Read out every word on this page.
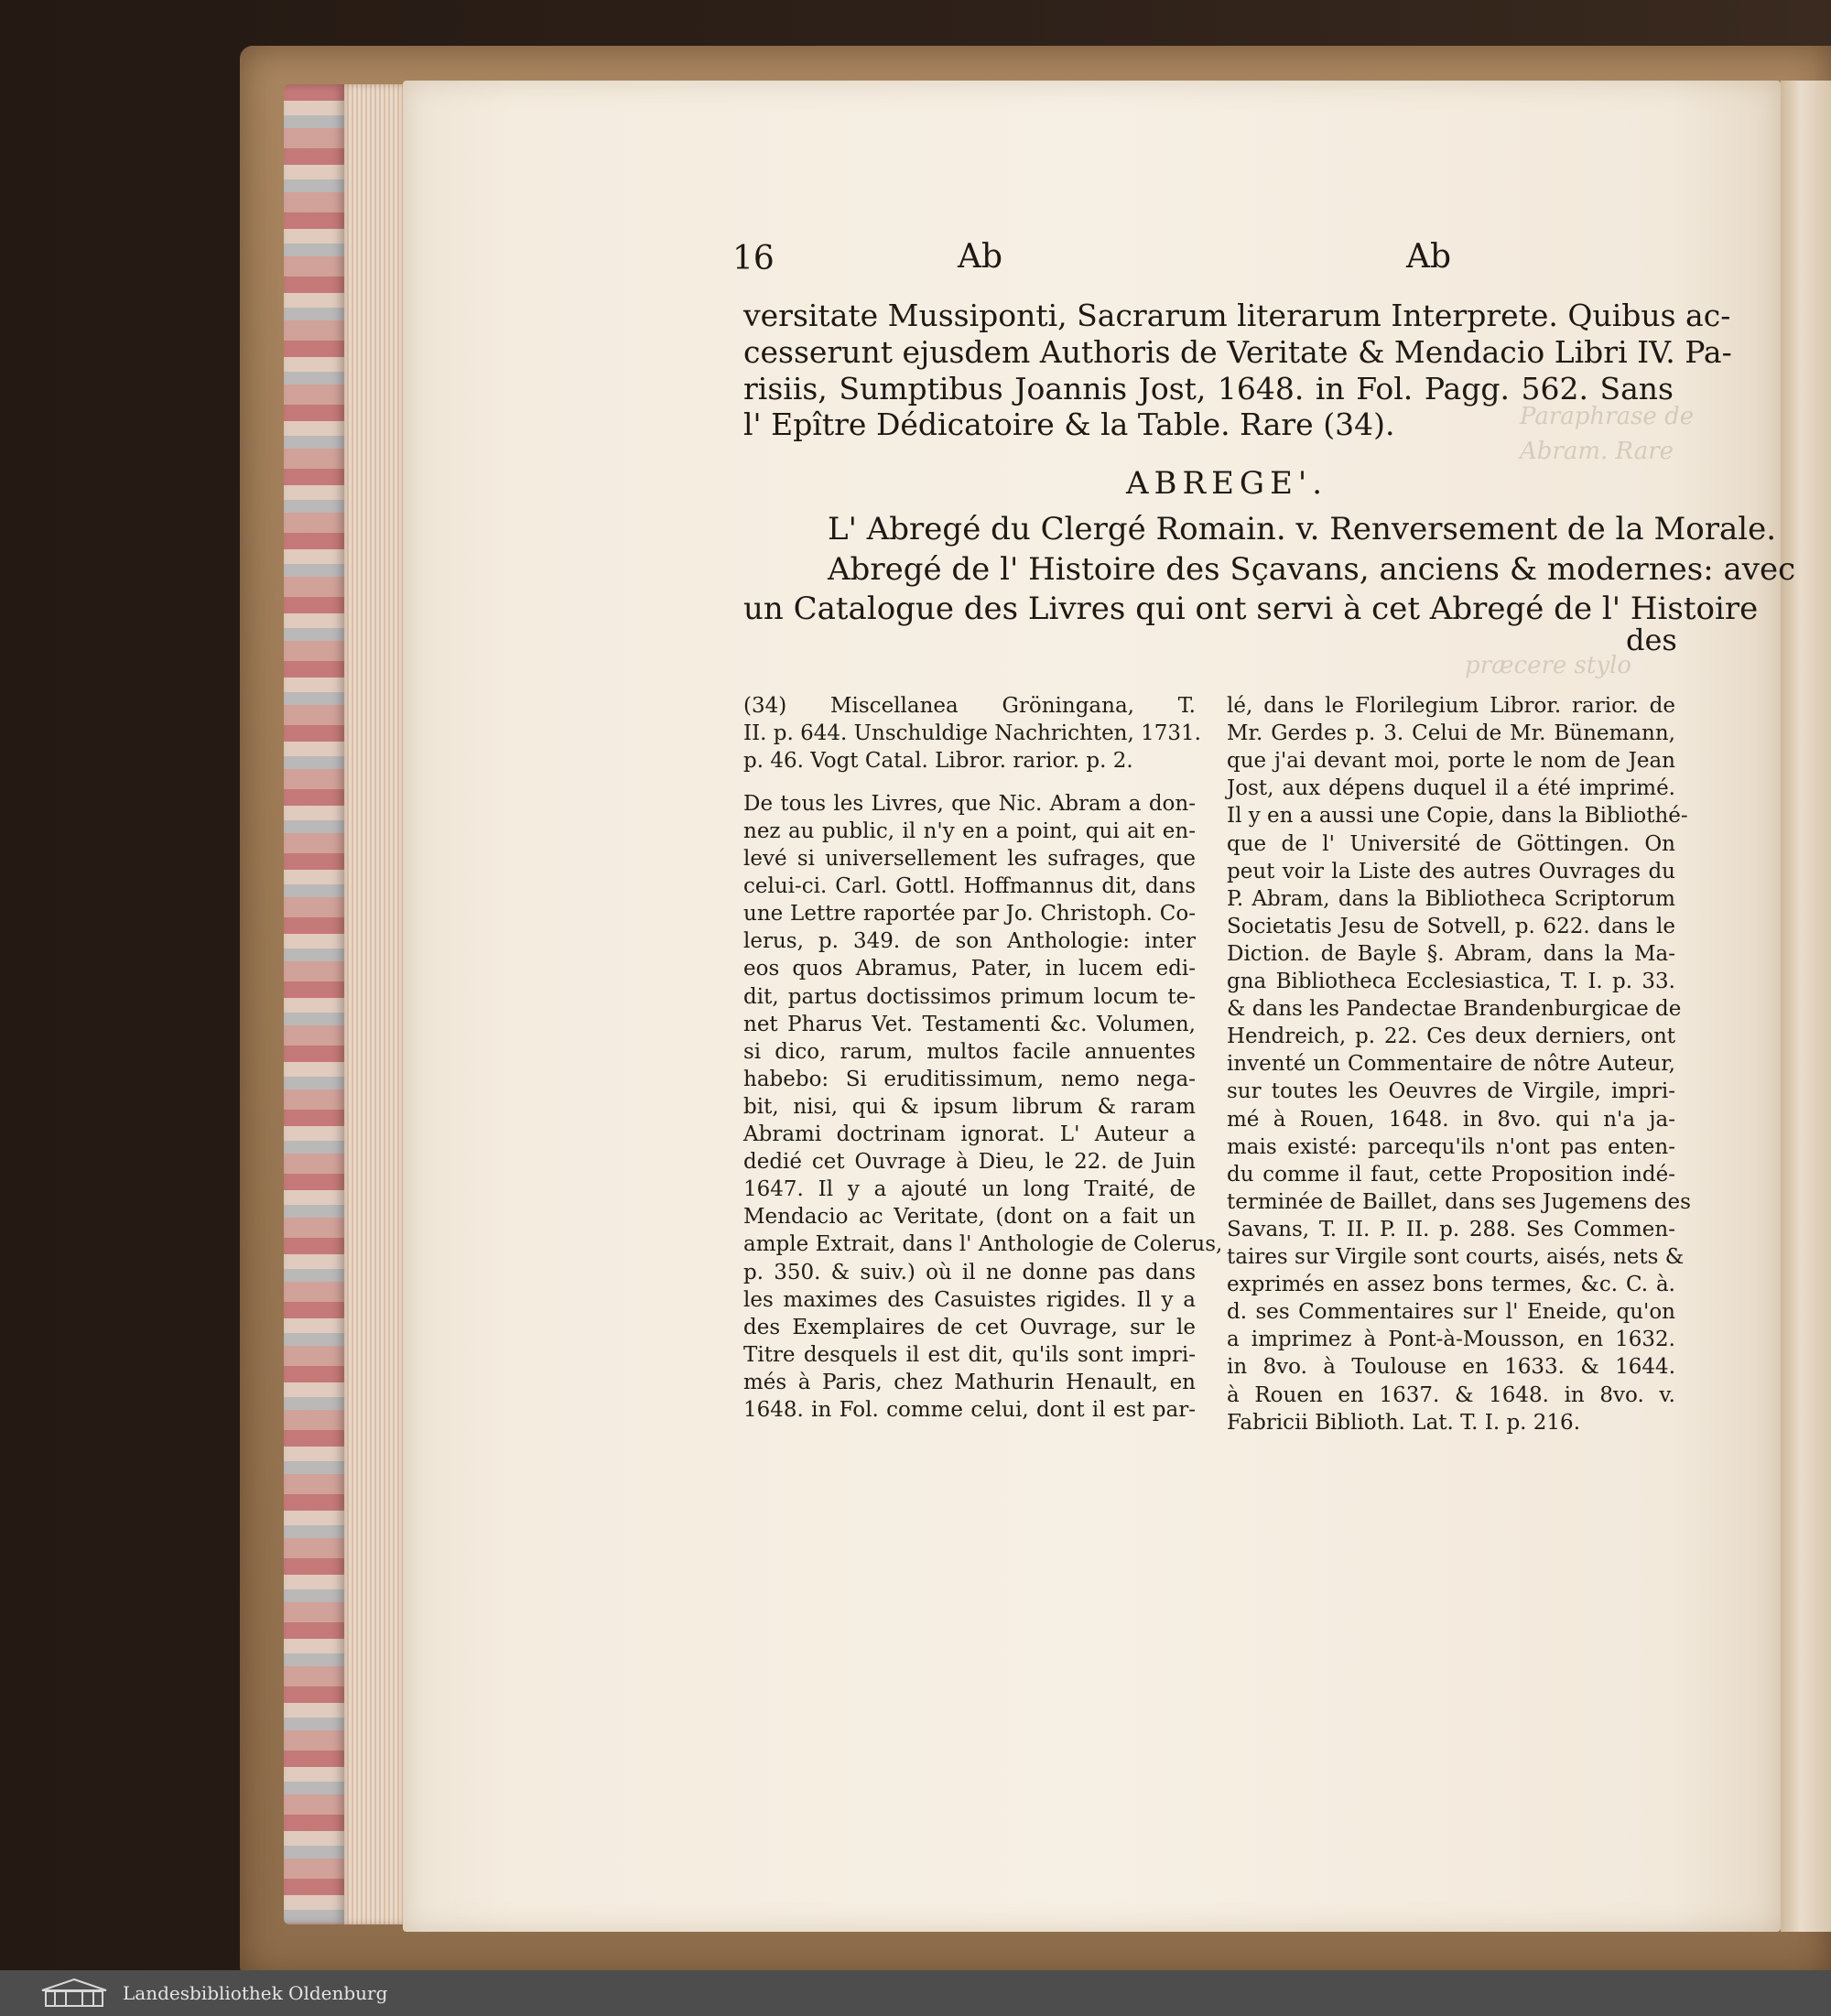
Paraphrase de
Abram. Rare
præcere stylo
16	Ab	Ab
versitate Mussiponti, Sacrarum literarum Interprete. Quibus ac-
cesserunt ejusdem Authoris de Veritate & Mendacio Libri IV. Pa-
risiis, Sumptibus Joannis Jost, 1648. in Fol. Pagg. 562. Sans
l' Epître Dédicatoire & la Table. Rare (34).
ABREGE'.
L' Abregé du Clergé Romain. v. Renversement de la Morale.
Abregé de l' Histoire des Sçavans, anciens & modernes: avec
un Catalogue des Livres qui ont servi à cet Abregé de l' Histoire
des
(34) Miscellanea Gröningana, T.
II. p. 644. Unschuldige Nachrichten, 1731.
p. 46. Vogt Catal. Libror. rarior. p. 2.
De tous les Livres, que Nic. Abram a don-
nez au public, il n'y en a point, qui ait en-
levé si universellement les sufrages, que
celui-ci. Carl. Gottl. Hoffmannus dit, dans
une Lettre raportée par Jo. Christoph. Co-
lerus, p. 349. de son Anthologie: inter
eos quos Abramus, Pater, in lucem edi-
dit, partus doctissimos primum locum te-
net Pharus Vet. Testamenti &c. Volumen,
si dico, rarum, multos facile annuentes
habebo: Si eruditissimum, nemo nega-
bit, nisi, qui & ipsum librum & raram
Abrami doctrinam ignorat. L' Auteur a
dedié cet Ouvrage à Dieu, le 22. de Juin
1647. Il y a ajouté un long Traité, de
Mendacio ac Veritate, (dont on a fait un
ample Extrait, dans l' Anthologie de Colerus,
p. 350. & suiv.) où il ne donne pas dans
les maximes des Casuistes rigides. Il y a
des Exemplaires de cet Ouvrage, sur le
Titre desquels il est dit, qu'ils sont impri-
més à Paris, chez Mathurin Henault, en
1648. in Fol. comme celui, dont il est par-
lé, dans le Florilegium Libror. rarior. de
Mr. Gerdes p. 3. Celui de Mr. Bünemann,
que j'ai devant moi, porte le nom de Jean
Jost, aux dépens duquel il a été imprimé.
Il y en a aussi une Copie, dans la Bibliothé-
que de l' Université de Göttingen. On
peut voir la Liste des autres Ouvrages du
P. Abram, dans la Bibliotheca Scriptorum
Societatis Jesu de Sotvell, p. 622. dans le
Diction. de Bayle §. Abram, dans la Ma-
gna Bibliotheca Ecclesiastica, T. I. p. 33.
& dans les Pandectae Brandenburgicae de
Hendreich, p. 22. Ces deux derniers, ont
inventé un Commentaire de nôtre Auteur,
sur toutes les Oeuvres de Virgile, impri-
mé à Rouen, 1648. in 8vo. qui n'a ja-
mais existé: parcequ'ils n'ont pas enten-
du comme il faut, cette Proposition indé-
terminée de Baillet, dans ses Jugemens des
Savans, T. II. P. II. p. 288. Ses Commen-
taires sur Virgile sont courts, aisés, nets &
exprimés en assez bons termes, &c. C. à.
d. ses Commentaires sur l' Eneide, qu'on
a imprimez à Pont-à-Mousson, en 1632.
in 8vo. à Toulouse en 1633. & 1644.
à Rouen en 1637. & 1648. in 8vo. v.
Fabricii Biblioth. Lat. T. I. p. 216.
Landesbibliothek Oldenburg
